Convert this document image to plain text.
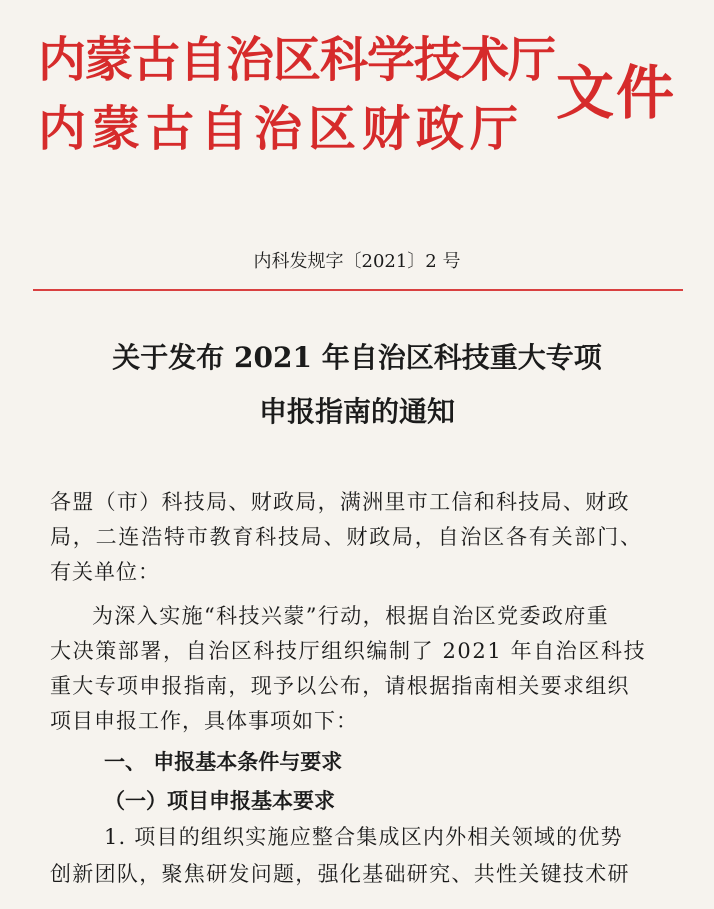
内蒙古自治区科学技术厅

内蒙古自治区财政厅

文件

内科发规字〔2021〕2 号

关于发布 2021 年自治区科技重大专项
申报指南的通知

各盟（市）科技局、财政局，满洲里市工信和科技局、财政

局，二连浩特市教育科技局、财政局，自治区各有关部门、

有关单位：

为深入实施“科技兴蒙”行动，根据自治区党委政府重

大决策部署，自治区科技厅组织编制了 2021 年自治区科技

重大专项申报指南，现予以公布，请根据指南相关要求组织

项目申报工作，具体事项如下：

一、 申报基本条件与要求

（一）项目申报基本要求

1. 项目的组织实施应整合集成区内外相关领域的优势

创新团队，聚焦研发问题，强化基础研究、共性关键技术研
